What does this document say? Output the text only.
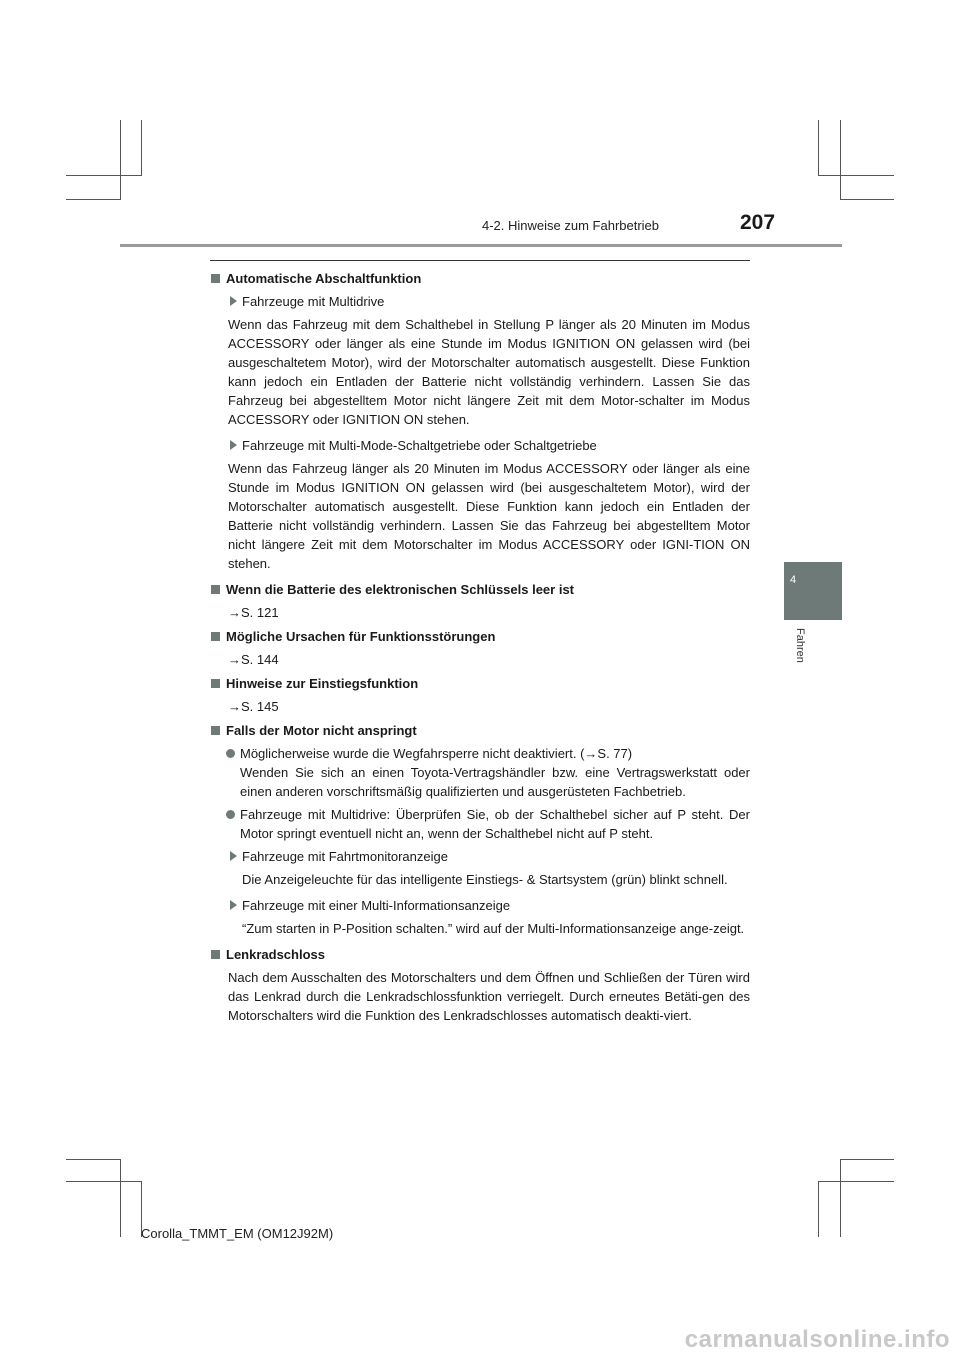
4-2. Hinweise zum Fahrbetrieb	207
4
Fahren
Automatische Abschaltfunktion
Fahrzeuge mit Multidrive

Wenn das Fahrzeug mit dem Schalthebel in Stellung P länger als 20 Minuten im Modus ACCESSORY oder länger als eine Stunde im Modus IGNITION ON gelassen wird (bei ausgeschaltetem Motor), wird der Motorschalter automatisch ausgestellt. Diese Funktion kann jedoch ein Entladen der Batterie nicht vollständig verhindern. Lassen Sie das Fahrzeug bei abgestelltem Motor nicht längere Zeit mit dem Motor-schalter im Modus ACCESSORY oder IGNITION ON stehen.

Fahrzeuge mit Multi-Mode-Schaltgetriebe oder Schaltgetriebe

Wenn das Fahrzeug länger als 20 Minuten im Modus ACCESSORY oder länger als eine Stunde im Modus IGNITION ON gelassen wird (bei ausgeschaltetem Motor), wird der Motorschalter automatisch ausgestellt. Diese Funktion kann jedoch ein Entladen der Batterie nicht vollständig verhindern. Lassen Sie das Fahrzeug bei abgestelltem Motor nicht längere Zeit mit dem Motorschalter im Modus ACCESSORY oder IGNI-TION ON stehen.

Wenn die Batterie des elektronischen Schlüssels leer ist

→S. 121

Mögliche Ursachen für Funktionsstörungen

→S. 144

Hinweise zur Einstiegsfunktion

→S. 145

Falls der Motor nicht anspringt
Möglicherweise wurde die Wegfahrsperre nicht deaktiviert. (→S. 77)
Wenden Sie sich an einen Toyota-Vertragshändler bzw. eine Vertragswerkstatt oder einen anderen vorschriftsmäßig qualifizierten und ausgerüsteten Fachbetrieb.
Fahrzeuge mit Multidrive: Überprüfen Sie, ob der Schalthebel sicher auf P steht. Der Motor springt eventuell nicht an, wenn der Schalthebel nicht auf P steht.
Fahrzeuge mit Fahrtmonitoranzeige

Die Anzeigeleuchte für das intelligente Einstiegs- & Startsystem (grün) blinkt schnell.

Fahrzeuge mit einer Multi-Informationsanzeige

“Zum starten in P-Position schalten.” wird auf der Multi-Informationsanzeige ange-zeigt.

Lenkradschloss

Nach dem Ausschalten des Motorschalters und dem Öffnen und Schließen der Türen wird das Lenkrad durch die Lenkradschlossfunktion verriegelt. Durch erneutes Betäti-gen des Motorschalters wird die Funktion des Lenkradschlosses automatisch deakti-viert.

Corolla_TMMT_EM (OM12J92M)
carmanualsonline.info
